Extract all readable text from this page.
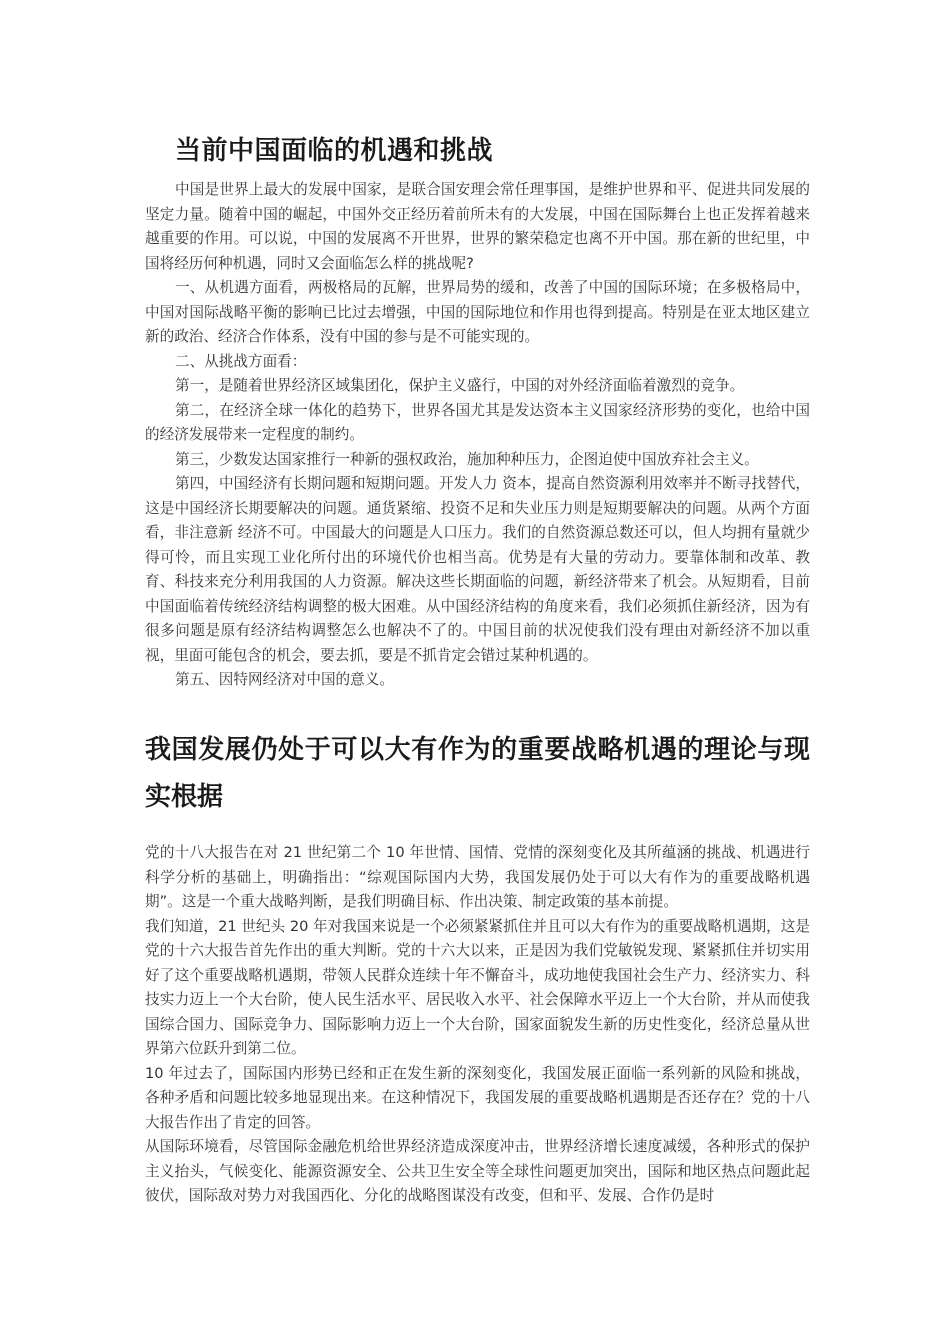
当前中国面临的机遇和挑战

中国是世界上最大的发展中国家，是联合国安理会常任理事国，是维护世界和平、促进共同发展的坚定力量。随着中国的崛起，中国外交正经历着前所未有的大发展，中国在国际舞台上也正发挥着越来越重要的作用。可以说，中国的发展离不开世界，世界的繁荣稳定也离不开中国。那在新的世纪里，中国将经历何种机遇，同时又会面临怎么样的挑战呢?

一、从机遇方面看，两极格局的瓦解，世界局势的缓和，改善了中国的国际环境；在多极格局中，中国对国际战略平衡的影响已比过去增强，中国的国际地位和作用也得到提高。特别是在亚太地区建立新的政治、经济合作体系，没有中国的参与是不可能实现的。

二、从挑战方面看：

第一，是随着世界经济区域集团化，保护主义盛行，中国的对外经济面临着激烈的竞争。

第二，在经济全球一体化的趋势下，世界各国尤其是发达资本主义国家经济形势的变化，也给中国的经济发展带来一定程度的制约。

第三，少数发达国家推行一种新的强权政治，施加种种压力，企图迫使中国放弃社会主义。

第四，中国经济有长期问题和短期问题。开发人力 资本，提高自然资源利用效率并不断寻找替代，这是中国经济长期要解决的问题。通货紧缩、投资不足和失业压力则是短期要解决的问题。从两个方面看，非注意新 经济不可。中国最大的问题是人口压力。我们的自然资源总数还可以，但人均拥有量就少得可怜，而且实现工业化所付出的环境代价也相当高。优势是有大量的劳动力。要靠体制和改革、教育、科技来充分利用我国的人力资源。解决这些长期面临的问题，新经济带来了机会。从短期看，目前中国面临着传统经济结构调整的极大困难。从中国经济结构的角度来看，我们必须抓住新经济，因为有很多问题是原有经济结构调整怎么也解决不了的。中国目前的状况使我们没有理由对新经济不加以重视，里面可能包含的机会，要去抓，要是不抓肯定会错过某种机遇的。

第五、因特网经济对中国的意义。

我国发展仍处于可以大有作为的重要战略机遇的理论与现实根据

党的十八大报告在对 21 世纪第二个 10 年世情、国情、党情的深刻变化及其所蕴涵的挑战、机遇进行科学分析的基础上，明确指出：“综观国际国内大势，我国发展仍处于可以大有作为的重要战略机遇期”。这是一个重大战略判断，是我们明确目标、作出决策、制定政策的基本前提。

我们知道，21 世纪头 20 年对我国来说是一个必须紧紧抓住并且可以大有作为的重要战略机遇期，这是党的十六大报告首先作出的重大判断。党的十六大以来，正是因为我们党敏锐发现、紧紧抓住并切实用好了这个重要战略机遇期，带领人民群众连续十年不懈奋斗，成功地使我国社会生产力、经济实力、科技实力迈上一个大台阶，使人民生活水平、居民收入水平、社会保障水平迈上一个大台阶，并从而使我国综合国力、国际竞争力、国际影响力迈上一个大台阶，国家面貌发生新的历史性变化，经济总量从世界第六位跃升到第二位。

10 年过去了，国际国内形势已经和正在发生新的深刻变化，我国发展正面临一系列新的风险和挑战，各种矛盾和问题比较多地显现出来。在这种情况下，我国发展的重要战略机遇期是否还存在？党的十八大报告作出了肯定的回答。

从国际环境看，尽管国际金融危机给世界经济造成深度冲击，世界经济增长速度减缓，各种形式的保护主义抬头，气候变化、能源资源安全、公共卫生安全等全球性问题更加突出，国际和地区热点问题此起彼伏，国际敌对势力对我国西化、分化的战略图谋没有改变，但和平、发展、合作仍是时
